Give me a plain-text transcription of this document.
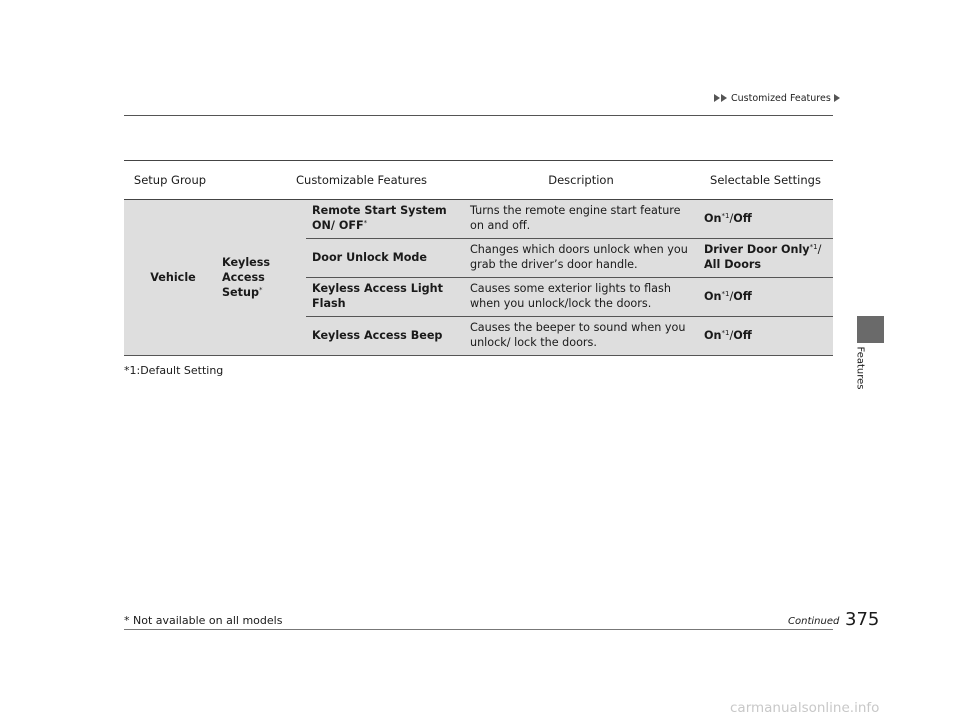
Customized Features
Features
Setup Group	Customizable Features		Description	Selectable Settings
Vehicle	Keyless Access Setup*	Remote Start System ON/ OFF*	Turns the remote engine start feature on and off.	On$^{*1}$/Off
		Door Unlock Mode	Changes which doors unlock when you grab the driver’s door handle.	Driver Door Only$^{*1}$/
All Doors
		Keyless Access Light Flash	Causes some exterior lights to flash when you unlock/lock the doors.	On$^{*1}$/Off
		Keyless Access Beep	Causes the beeper to sound when you unlock/ lock the doors.	On$^{*1}$/Off
*1:Default Setting
* Not available on all models	Continued 375
carmanualsonline.info
